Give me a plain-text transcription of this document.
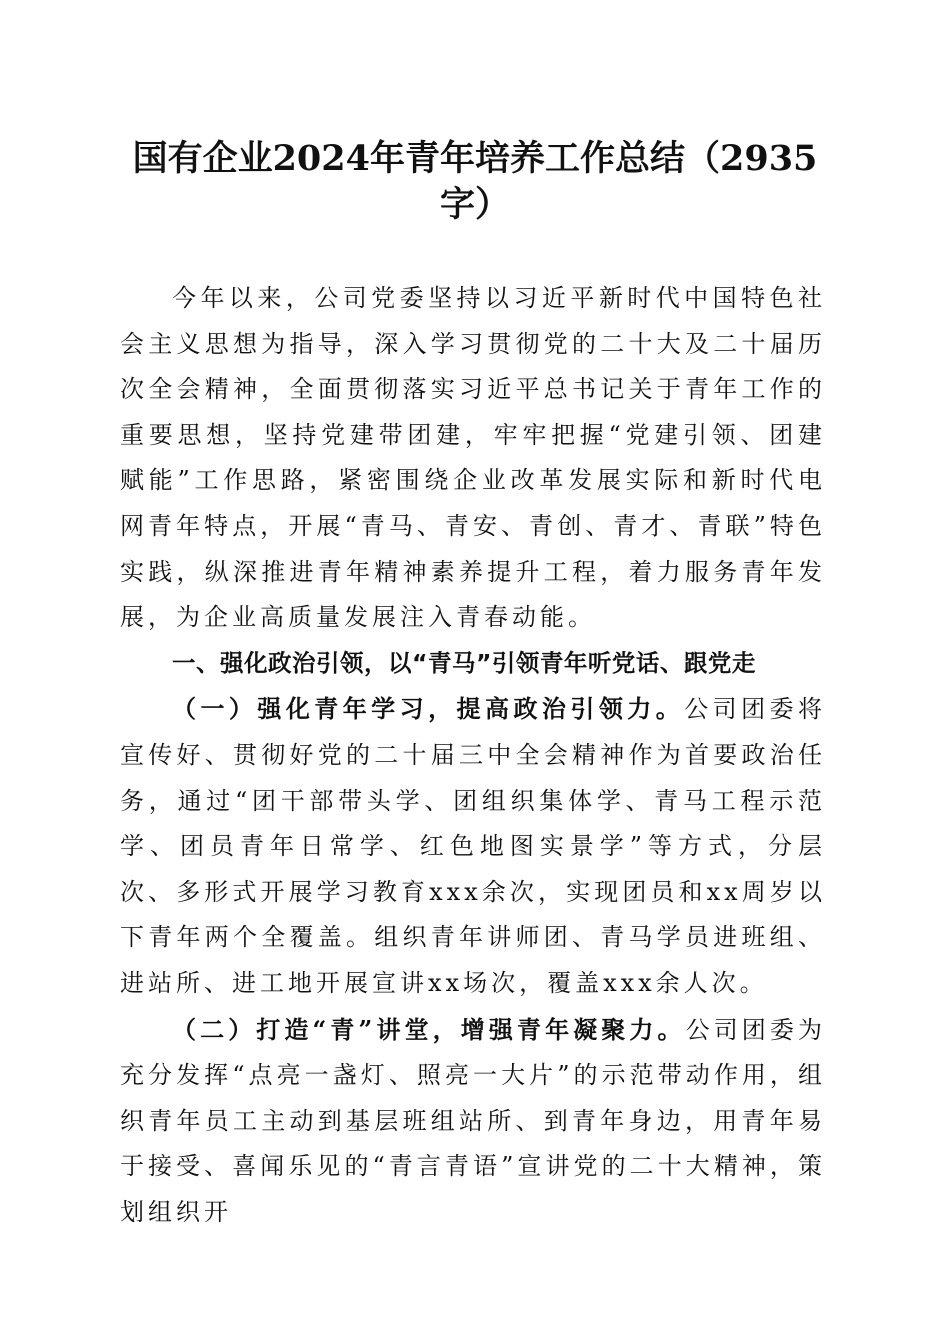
国有企业2024年青年培养工作总结（2935
字）

今年以来，公司党委坚持以习近平新时代中国特色社会主义思想为指导，深入学习贯彻党的二十大及二十届历次全会精神，全面贯彻落实习近平总书记关于青年工作的重要思想，坚持党建带团建，牢牢把握“党建引领、团建赋能”工作思路，紧密围绕企业改革发展实际和新时代电网青年特点，开展“青马、青安、青创、青才、青联”特色实践，纵深推进青年精神素养提升工程，着力服务青年发展，为企业高质量发展注入青春动能。

一、强化政治引领，以“青马”引领青年听党话、跟党走

（一）强化青年学习，提高政治引领力。公司团委将宣传好、贯彻好党的二十届三中全会精神作为首要政治任务，通过“团干部带头学、团组织集体学、青马工程示范学、团员青年日常学、红色地图实景学”等方式，分层次、多形式开展学习教育xxx余次，实现团员和xx周岁以下青年两个全覆盖。组织青年讲师团、青马学员进班组、进站所、进工地开展宣讲xx场次，覆盖xxx余人次。

（二）打造“青”讲堂，增强青年凝聚力。公司团委为充分发挥“点亮一盏灯、照亮一大片”的示范带动作用，组织青年员工主动到基层班组站所、到青年身边，用青年易于接受、喜闻乐见的“青言青语”宣讲党的二十大精神，策划组织开
